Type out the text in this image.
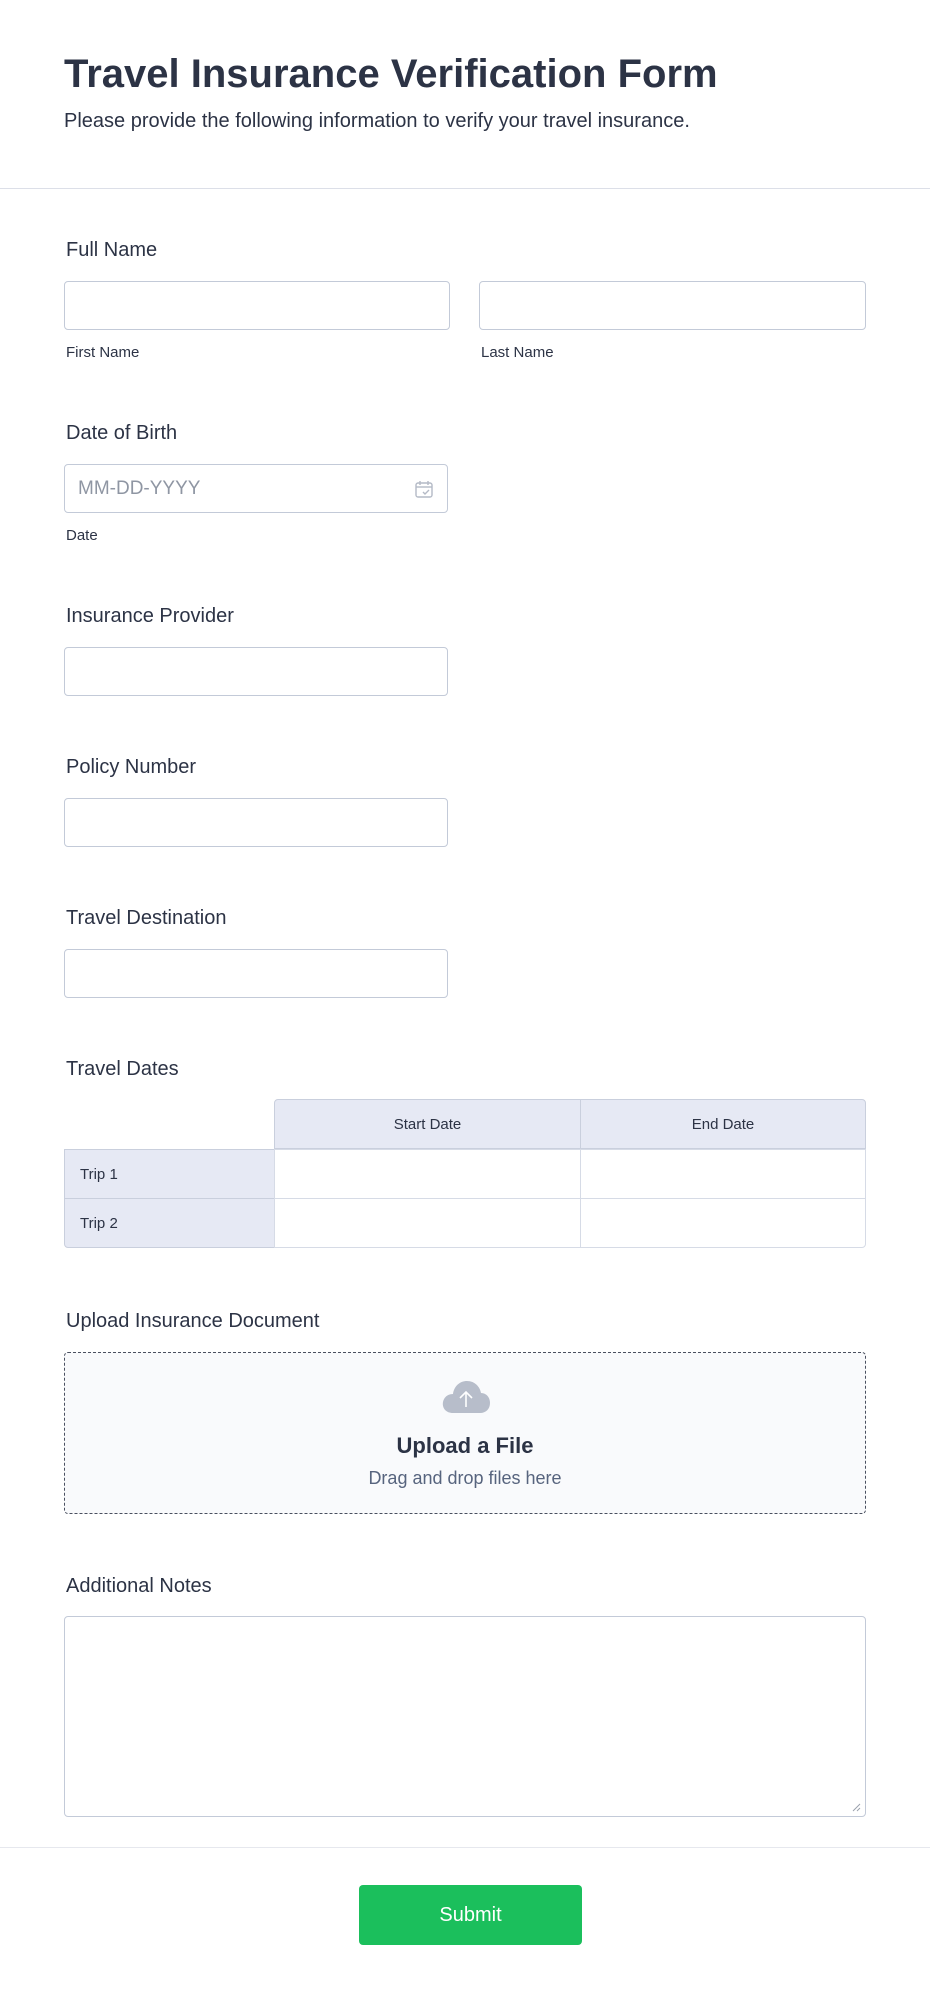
Travel Insurance Verification Form
Please provide the following information to verify your travel insurance.
Full Name
First Name	Last Name
Date of Birth
MM-DD-YYYY
Date
Insurance Provider
Policy Number
Travel Destination
Travel Dates
Start Date	End Date
Trip 1
Trip 2
Upload Insurance Document
Upload a File
Drag and drop files here
Additional Notes
Submit
